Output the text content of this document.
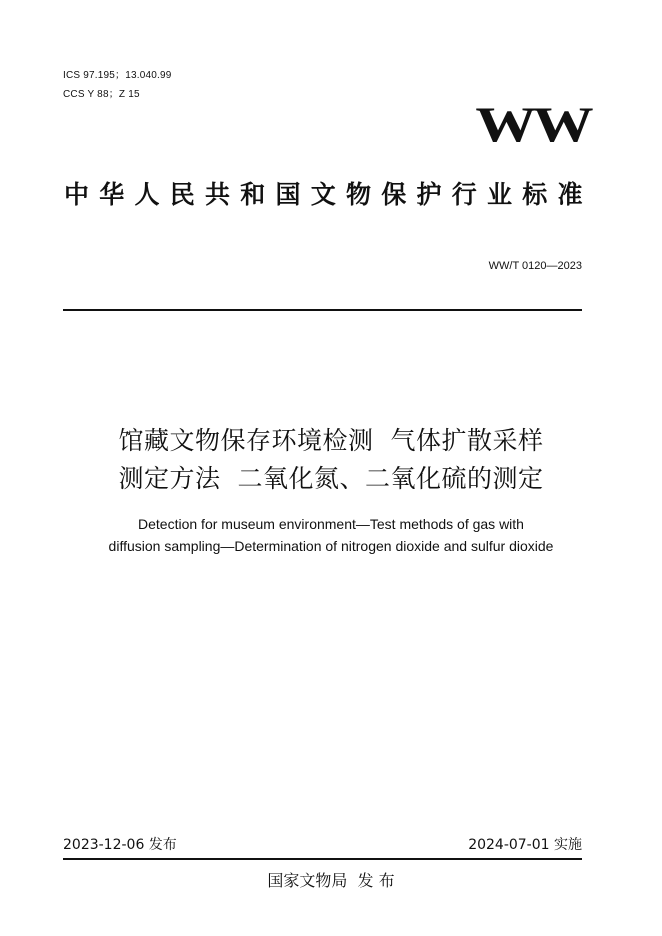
ICS 97.195；13.040.99
CCS Y 88；Z 15
WW
中华人民共和国文物保护行业标准
WW/T 0120—2023
馆藏文物保存环境检测  气体扩散采样
测定方法  二氧化氮、二氧化硫的测定
Detection for museum environment—Test methods of gas with
diffusion sampling—Determination of nitrogen dioxide and sulfur dioxide
2023-12-06 发布	2024-07-01 实施
国家文物局  发 布
